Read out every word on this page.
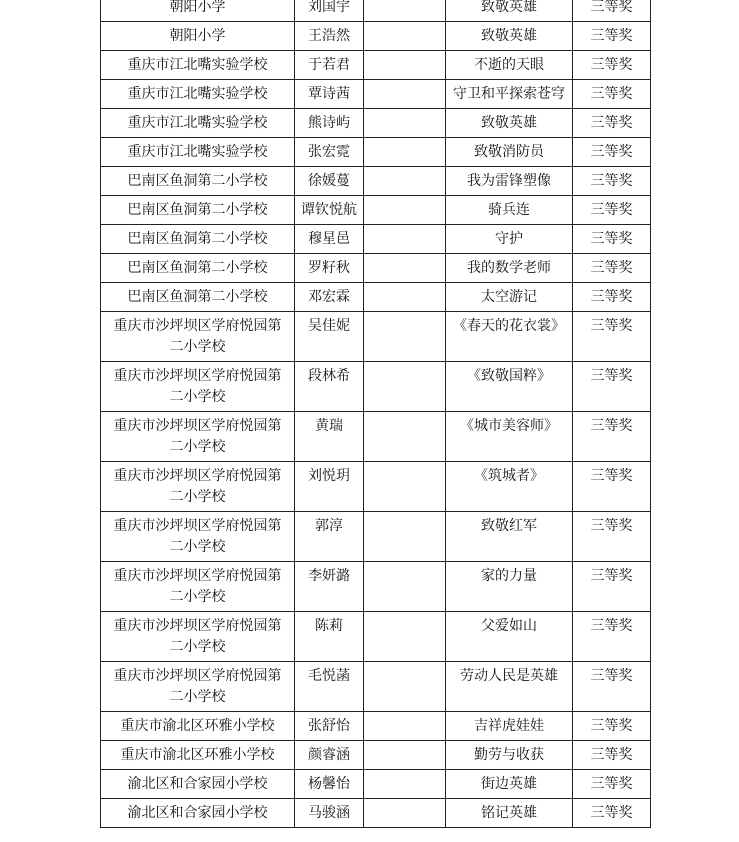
朝阳小学	刘国宇		致敬英雄	三等奖
朝阳小学	王浩然		致敬英雄	三等奖
重庆市江北嘴实验学校	于若君		不逝的天眼	三等奖
重庆市江北嘴实验学校	覃诗茜		守卫和平探索苍穹	三等奖
重庆市江北嘴实验学校	熊诗屿		致敬英雄	三等奖
重庆市江北嘴实验学校	张宏霓		致敬消防员	三等奖
巴南区鱼洞第二小学校	徐媛蔓		我为雷锋塑像	三等奖
巴南区鱼洞第二小学校	谭钦悦航		骑兵连	三等奖
巴南区鱼洞第二小学校	穆星邑		守护	三等奖
巴南区鱼洞第二小学校	罗籽秋		我的数学老师	三等奖
巴南区鱼洞第二小学校	邓宏霖		太空游记	三等奖
重庆市沙坪坝区学府悦园第二小学校	吴佳妮		《春天的花衣裳》	三等奖
重庆市沙坪坝区学府悦园第二小学校	段林希		《致敬国粹》	三等奖
重庆市沙坪坝区学府悦园第二小学校	黄瑞		《城市美容师》	三等奖
重庆市沙坪坝区学府悦园第二小学校	刘悦玥		《筑城者》	三等奖
重庆市沙坪坝区学府悦园第二小学校	郭淳		致敬红军	三等奖
重庆市沙坪坝区学府悦园第二小学校	李妍潞		家的力量	三等奖
重庆市沙坪坝区学府悦园第二小学校	陈莉		父爱如山	三等奖
重庆市沙坪坝区学府悦园第二小学校	毛悦菡		劳动人民是英雄	三等奖
重庆市渝北区环雅小学校	张舒怡		吉祥虎娃娃	三等奖
重庆市渝北区环雅小学校	颜睿涵		勤劳与收获	三等奖
渝北区和合家园小学校	杨馨怡		街边英雄	三等奖
渝北区和合家园小学校	马骏涵		铭记英雄	三等奖
